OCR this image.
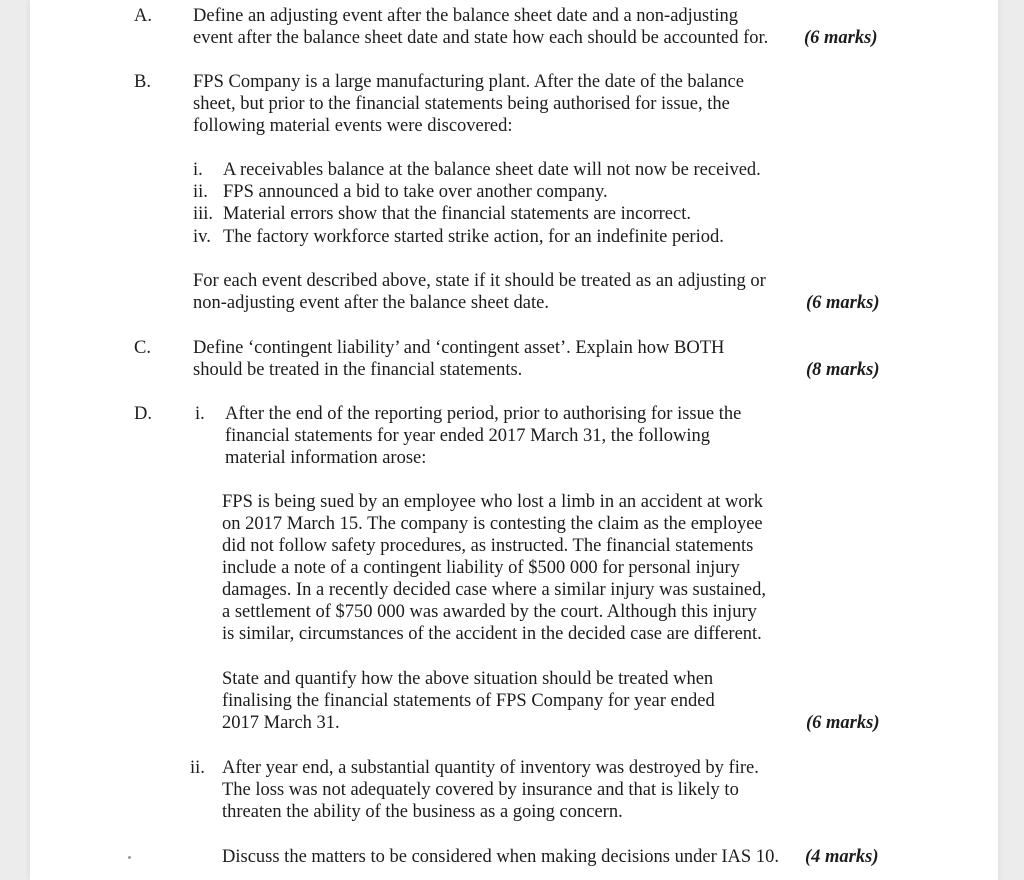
A. Define an adjusting event after the balance sheet date and a non-adjusting
event after the balance sheet date and state how each should be accounted for. (6 marks)
B. FPS Company is a large manufacturing plant. After the date of the balance
sheet, but prior to the financial statements being authorised for issue, the
following material events were discovered:
i. A receivables balance at the balance sheet date will not now be received.
ii. FPS announced a bid to take over another company.
iii. Material errors show that the financial statements are incorrect.
iv. The factory workforce started strike action, for an indefinite period.
For each event described above, state if it should be treated as an adjusting or
non-adjusting event after the balance sheet date.	(6 marks)
C. Define ‘contingent liability’ and ‘contingent asset’. Explain how BOTH
should be treated in the financial statements.	(8 marks)
D. i. After the end of the reporting period, prior to authorising for issue the
financial statements for year ended 2017 March 31, the following
material information arose:
FPS is being sued by an employee who lost a limb in an accident at work
on 2017 March 15. The company is contesting the claim as the employee
did not follow safety procedures, as instructed. The financial statements
include a note of a contingent liability of $500 000 for personal injury
damages. In a recently decided case where a similar injury was sustained,
a settlement of $750 000 was awarded by the court. Although this injury
is similar, circumstances of the accident in the decided case are different.
State and quantify how the above situation should be treated when
finalising the financial statements of FPS Company for year ended
2017 March 31.	(6 marks)
ii. After year end, a substantial quantity of inventory was destroyed by fire.
The loss was not adequately covered by insurance and that is likely to
threaten the ability of the business as a going concern.
Discuss the matters to be considered when making decisions under IAS 10. (4 marks)
